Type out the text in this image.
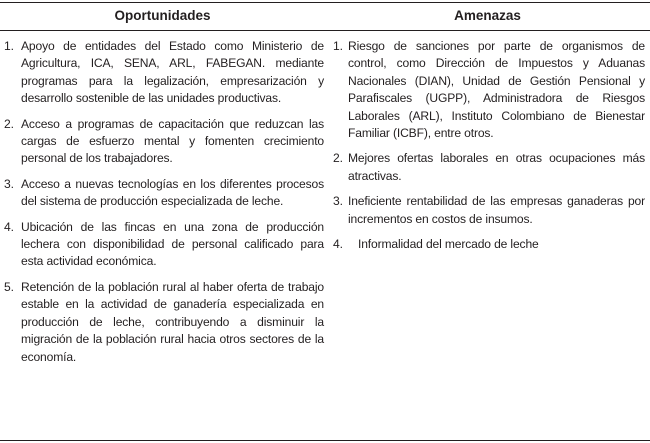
Oportunidades	Amenazas
1. Apoyo de entidades del Estado como Ministerio de Agricultura, ICA, SENA, ARL, FABEGAN. mediante programas para la legalización, empresarización y desarrollo sostenible de las unidades productivas.
2. Acceso a programas de capacitación que reduzcan las cargas de esfuerzo mental y fomenten crecimiento personal de los trabajadores.
3. Acceso a nuevas tecnologías en los diferentes procesos del sistema de producción especializada de leche.
4. Ubicación de las fincas en una zona de producción lechera con disponibilidad de personal calificado para esta actividad económica.
5. Retención de la población rural al haber oferta de trabajo estable en la actividad de ganadería especializada en producción de leche, contribuyendo a disminuir la migración de la población rural hacia otros sectores de la economía.
1. Riesgo de sanciones por parte de organismos de control, como Dirección de Impuestos y Aduanas Nacionales (DIAN), Unidad de Gestión Pensional y Parafiscales (UGPP), Administradora de Riesgos Laborales (ARL), Instituto Colombiano de Bienestar Familiar (ICBF), entre otros.
2. Mejores ofertas laborales en otras ocupaciones más atractivas.
3. Ineficiente rentabilidad de las empresas ganaderas por incrementos en costos de insumos.
4.	Informalidad del mercado de leche
